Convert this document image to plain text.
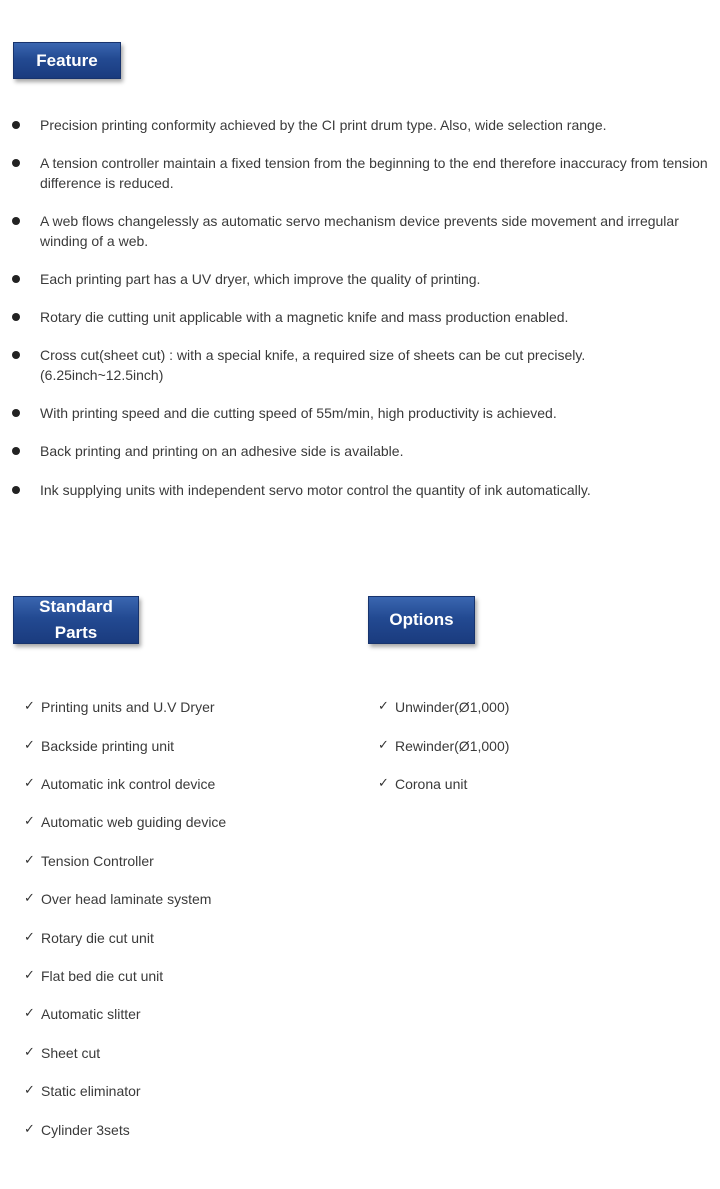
Feature
Precision printing conformity achieved by the CI print drum type. Also, wide selection range.
A tension controller maintain a fixed tension from the beginning to the end therefore inaccuracy from tension difference is reduced.
A web flows changelessly as automatic servo mechanism device prevents side movement and irregular winding of a web.
Each printing part has a UV dryer, which improve the quality of printing.
Rotary die cutting unit applicable with a magnetic knife and mass production enabled.
Cross cut(sheet cut) : with a special knife, a required size of sheets can be cut precisely. (6.25inch~12.5inch)
With printing speed and die cutting speed of 55m/min, high productivity is achieved.
Back printing and printing on an adhesive side is available.
Ink supplying units with independent servo motor control the quantity of ink automatically.
Standard
Parts
Options
✓ Printing units and U.V Dryer
✓ Backside printing unit
✓ Automatic ink control device
✓ Automatic web guiding device
✓ Tension Controller
✓ Over head laminate system
✓ Rotary die cut unit
✓ Flat bed die cut unit
✓ Automatic slitter
✓ Sheet cut
✓ Static eliminator
✓ Cylinder 3sets
✓ Unwinder(Ø1,000)
✓ Rewinder(Ø1,000)
✓ Corona unit
